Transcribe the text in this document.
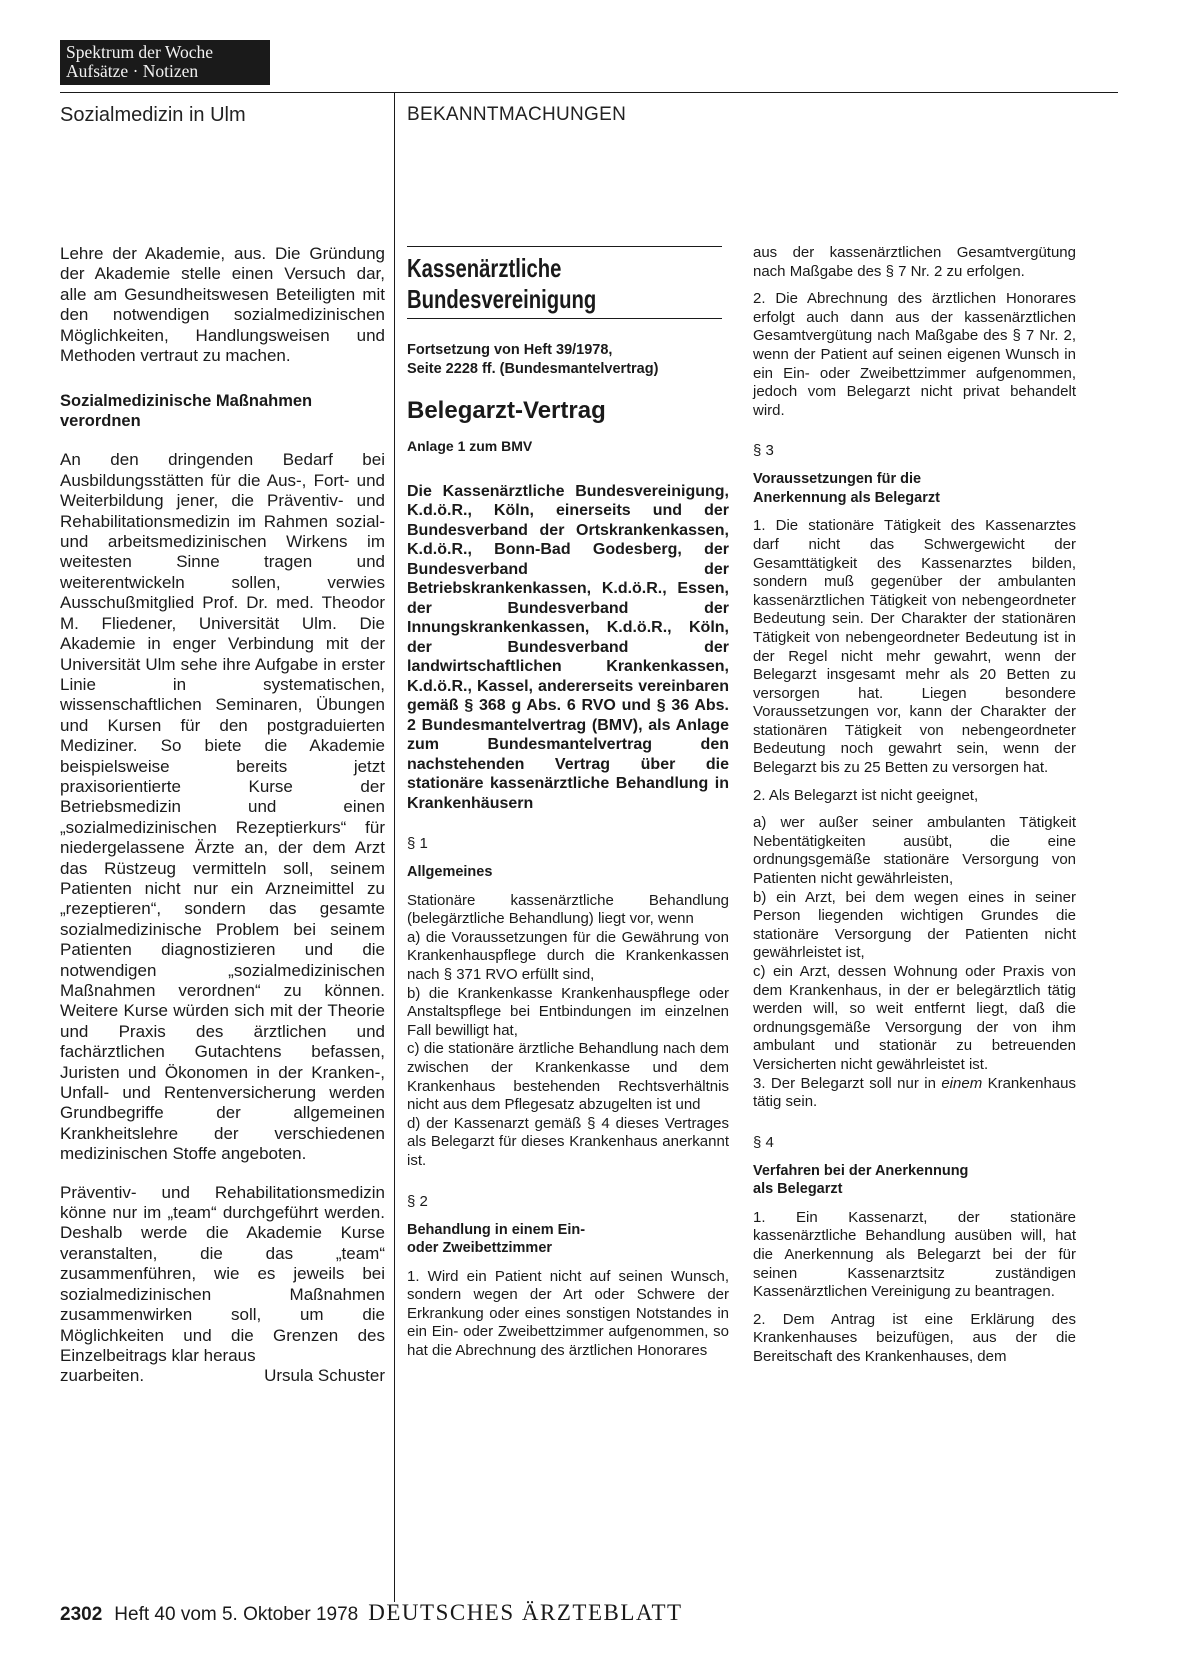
Spektrum der Woche
Aufsätze · Notizen
Sozialmedizin in Ulm	BEKANNTMACHUNGEN

Lehre der Akademie, aus. Die Gründung der Akademie stelle einen Versuch dar, alle am Gesundheitswesen Beteiligten mit den notwendigen sozialmedizinischen Möglichkeiten, Handlungsweisen und Methoden vertraut zu machen.

Sozialmedizinische Maßnahmen verordnen

An den dringenden Bedarf bei Ausbildungsstätten für die Aus-, Fort- und Weiterbildung jener, die Präventiv- und Rehabilitationsmedizin im Rahmen sozial- und arbeitsmedizinischen Wirkens im weitesten Sinne tragen und weiterentwickeln sollen, verwies Ausschußmitglied Prof. Dr. med. Theodor M. Fliedener, Universität Ulm. Die Akademie in enger Verbindung mit der Universität Ulm sehe ihre Aufgabe in erster Linie in systematischen, wissenschaftlichen Seminaren, Übungen und Kursen für den postgraduierten Mediziner. So biete die Akademie beispielsweise bereits jetzt praxisorientierte Kurse der Betriebsmedizin und einen „sozialmedizinischen Rezeptierkurs“ für niedergelassene Ärzte an, der dem Arzt das Rüstzeug vermitteln soll, seinem Patienten nicht nur ein Arzneimittel zu „rezeptieren“, sondern das gesamte sozialmedizinische Problem bei seinem Patienten diagnostizieren und die notwendigen „sozialmedizinischen Maßnahmen verordnen“ zu können. Weitere Kurse würden sich mit der Theorie und Praxis des ärztlichen und fachärztlichen Gutachtens befassen, Juristen und Ökonomen in der Kranken-, Unfall- und Rentenversicherung werden Grundbegriffe der allgemeinen Krankheitslehre der verschiedenen medizinischen Stoffe angeboten.

Präventiv- und Rehabilitationsmedizin könne nur im „team“ durchgeführt werden. Deshalb werde die Akademie Kurse veranstalten, die das „team“ zusammenführen, wie es jeweils bei sozialmedizinischen Maßnahmen zusammenwirken soll, um die Möglichkeiten und die Grenzen des Einzelbeitrags klar heraus

zuarbeiten.	Ursula Schuster
Kassenärztliche
Bundesvereinigung
Fortsetzung von Heft 39/1978,
Seite 2228 ff. (Bundesmantelvertrag)
Belegarzt-Vertrag
Anlage 1 zum BMV

Die Kassenärztliche Bundesvereinigung, K.d.ö.R., Köln, einerseits und der Bundesverband der Ortskrankenkassen, K.d.ö.R., Bonn-Bad Godesberg, der Bundesverband der Betriebskrankenkassen, K.d.ö.R., Essen, der Bundesverband der Innungskrankenkassen, K.d.ö.R., Köln, der Bundesverband der landwirtschaftlichen Krankenkassen, K.d.ö.R., Kassel, andererseits vereinbaren gemäß § 368 g Abs. 6 RVO und § 36 Abs. 2 Bundesmantelvertrag (BMV), als Anlage zum Bundesmantelvertrag den nachstehenden Vertrag über die stationäre kassenärztliche Behandlung in Krankenhäusern

§ 1
Allgemeines

Stationäre kassenärztliche Behandlung (belegärztliche Behandlung) liegt vor, wenn

a) die Voraussetzungen für die Gewährung von Krankenhauspflege durch die Krankenkassen nach § 371 RVO erfüllt sind,

b) die Krankenkasse Krankenhauspflege oder Anstaltspflege bei Entbindungen im einzelnen Fall bewilligt hat,

c) die stationäre ärztliche Behandlung nach dem zwischen der Krankenkasse und dem Krankenhaus bestehenden Rechtsverhältnis nicht aus dem Pflegesatz abzugelten ist und

d) der Kassenarzt gemäß § 4 dieses Vertrages als Belegarzt für dieses Krankenhaus anerkannt ist.

§ 2
Behandlung in einem Ein-
oder Zweibettzimmer

1. Wird ein Patient nicht auf seinen Wunsch, sondern wegen der Art oder Schwere der Erkrankung oder eines sonstigen Notstandes in ein Ein- oder Zweibettzimmer aufgenommen, so hat die Abrechnung des ärztlichen Honorares

aus der kassenärztlichen Gesamtvergütung nach Maßgabe des § 7 Nr. 2 zu erfolgen.

2. Die Abrechnung des ärztlichen Honorares erfolgt auch dann aus der kassenärztlichen Gesamtvergütung nach Maßgabe des § 7 Nr. 2, wenn der Patient auf seinen eigenen Wunsch in ein Ein- oder Zweibettzimmer aufgenommen, jedoch vom Belegarzt nicht privat behandelt wird.

§ 3
Voraussetzungen für die
Anerkennung als Belegarzt

1. Die stationäre Tätigkeit des Kassenarztes darf nicht das Schwergewicht der Gesamttätigkeit des Kassenarztes bilden, sondern muß gegenüber der ambulanten kassenärztlichen Tätigkeit von nebengeordneter Bedeutung sein. Der Charakter der stationären Tätigkeit von nebengeordneter Bedeutung ist in der Regel nicht mehr gewahrt, wenn der Belegarzt insgesamt mehr als 20 Betten zu versorgen hat. Liegen besondere Voraussetzungen vor, kann der Charakter der stationären Tätigkeit von nebengeordneter Bedeutung noch gewahrt sein, wenn der Belegarzt bis zu 25 Betten zu versorgen hat.

2. Als Belegarzt ist nicht geeignet,

a) wer außer seiner ambulanten Tätigkeit Nebentätigkeiten ausübt, die eine ordnungsgemäße stationäre Versorgung von Patienten nicht gewährleisten,

b) ein Arzt, bei dem wegen eines in seiner Person liegenden wichtigen Grundes die stationäre Versorgung der Patienten nicht gewährleistet ist,

c) ein Arzt, dessen Wohnung oder Praxis von dem Krankenhaus, in der er belegärztlich tätig werden will, so weit entfernt liegt, daß die ordnungsgemäße Versorgung der von ihm ambulant und stationär zu betreuenden Versicherten nicht gewährleistet ist.

3. Der Belegarzt soll nur in einem Krankenhaus tätig sein.

§ 4
Verfahren bei der Anerkennung
als Belegarzt

1. Ein Kassenarzt, der stationäre kassenärztliche Behandlung ausüben will, hat die Anerkennung als Belegarzt bei der für seinen Kassenarztsitz zuständigen Kassenärztlichen Vereinigung zu beantragen.

2. Dem Antrag ist eine Erklärung des Krankenhauses beizufügen, aus der die Bereitschaft des Krankenhauses, dem

2302 Heft 40 vom 5. Oktober 1978 DEUTSCHES ÄRZTEBLATT
